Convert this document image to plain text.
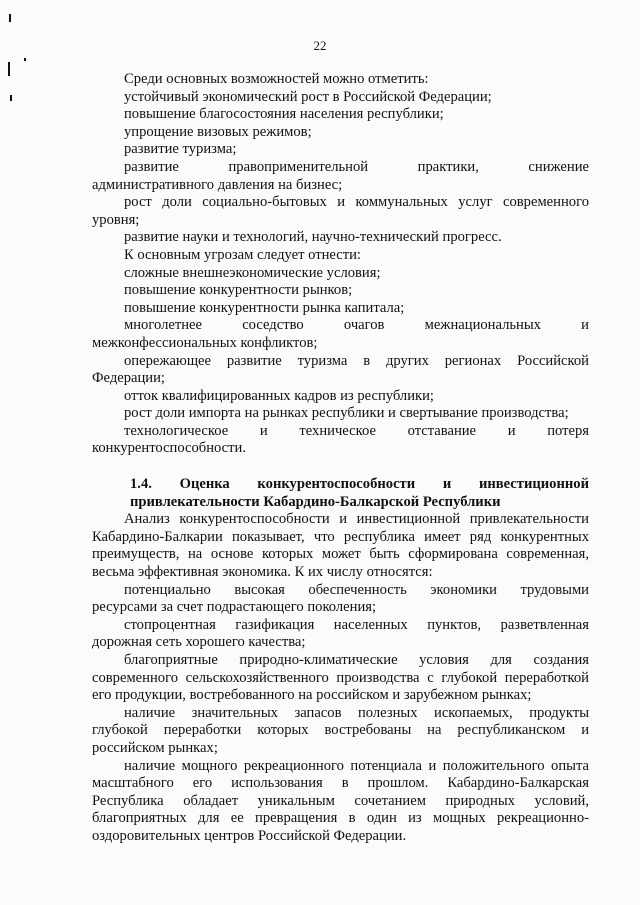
22
Среди основных возможностей можно отметить:
устойчивый экономический рост в Российской Федерации;
повышение благосостояния населения республики;
упрощение визовых режимов;
развитие туризма;
развитие правоприменительной практики, снижение
административного давления на бизнес;
рост доли социально-бытовых и коммунальных услуг современного
уровня;
развитие науки и технологий, научно-технический прогресс.
К основным угрозам следует отнести:
сложные внешнеэкономические условия;
повышение конкурентности рынков;
повышение конкурентности рынка капитала;
многолетнее соседство очагов межнациональных и
межконфессиональных конфликтов;
опережающее развитие туризма в других регионах Российской
Федерации;
отток квалифицированных кадров из республики;
рост доли импорта на рынках республики и свертывание производства;
технологическое и техническое отставание и потеря
конкурентоспособности.
1.4. Оценка конкурентоспособности и инвестиционной
привлекательности Кабардино-Балкарской Республики
Анализ конкурентоспособности и инвестиционной привлекательности
Кабардино-Балкарии показывает, что республика имеет ряд конкурентных
преимуществ, на основе которых может быть сформирована современная,
весьма эффективная экономика. К их числу относятся:
потенциально высокая обеспеченность экономики трудовыми
ресурсами за счет подрастающего поколения;
стопроцентная газификация населенных пунктов, разветвленная
дорожная сеть хорошего качества;
благоприятные природно-климатические условия для создания
современного сельскохозяйственного производства с глубокой переработкой
его продукции, востребованного на российском и зарубежном рынках;
наличие значительных запасов полезных ископаемых, продукты
глубокой переработки которых востребованы на республиканском и
российском рынках;
наличие мощного рекреационного потенциала и положительного опыта
масштабного его использования в прошлом. Кабардино-Балкарская
Республика обладает уникальным сочетанием природных условий,
благоприятных для ее превращения в один из мощных рекреационно-
оздоровительных центров Российской Федерации.
